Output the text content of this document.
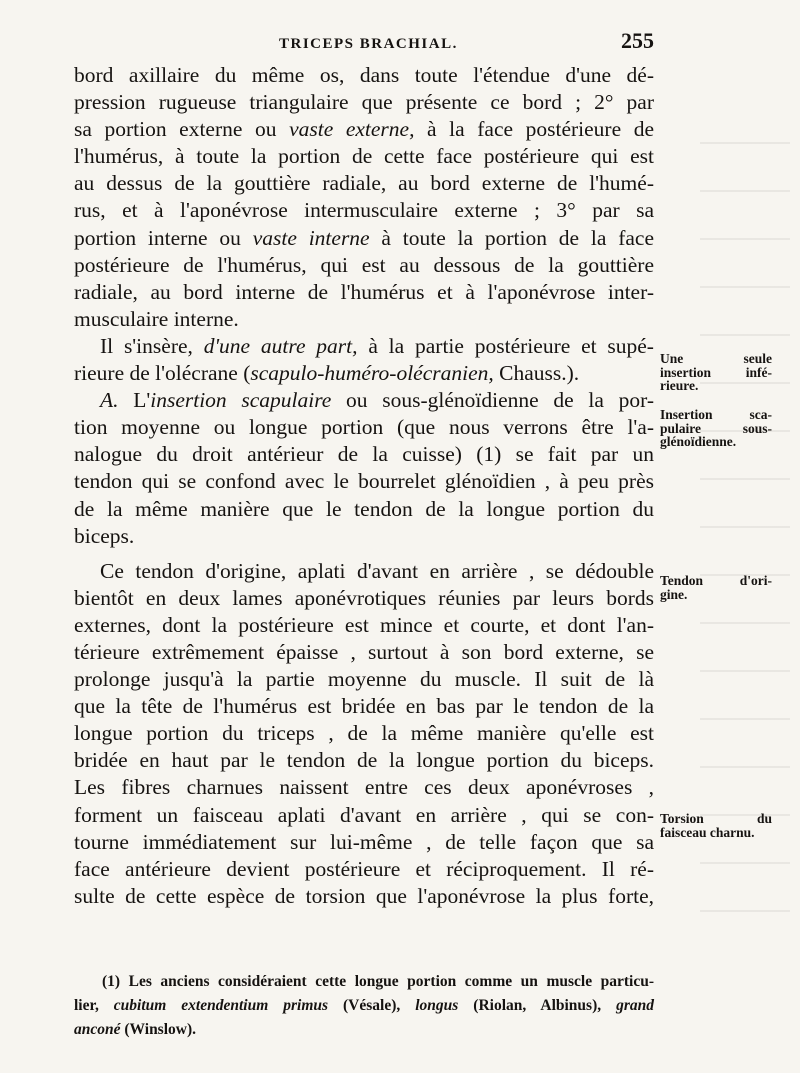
TRICEPS BRACHIAL.	255
bord axillaire du même os, dans toute l'étendue d'une dé-
pression rugueuse triangulaire que présente ce bord ; 2° par
sa portion externe ou vaste externe, à la face postérieure de
l'humérus, à toute la portion de cette face postérieure qui est
au dessus de la gouttière radiale, au bord externe de l'humé-
rus, et à l'aponévrose intermusculaire externe ; 3° par sa
portion interne ou vaste interne à toute la portion de la face
postérieure de l'humérus, qui est au dessous de la gouttière
radiale, au bord interne de l'humérus et à l'aponévrose inter-
musculaire interne.
Il s'insère, d'une autre part, à la partie postérieure et supé-
rieure de l'olécrane (scapulo-huméro-olécranien, Chauss.).
A. L'insertion scapulaire ou sous-glénoïdienne de la por-
tion moyenne ou longue portion (que nous verrons être l'a-
nalogue du droit antérieur de la cuisse) (1) se fait par un
tendon qui se confond avec le bourrelet glénoïdien , à peu près
de la même manière que le tendon de la longue portion du
biceps.
Ce tendon d'origine, aplati d'avant en arrière , se dédouble
bientôt en deux lames aponévrotiques réunies par leurs bords
externes, dont la postérieure est mince et courte, et dont l'an-
térieure extrêmement épaisse , surtout à son bord externe, se
prolonge jusqu'à la partie moyenne du muscle. Il suit de là
que la tête de l'humérus est bridée en bas par le tendon de la
longue portion du triceps , de la même manière qu'elle est
bridée en haut par le tendon de la longue portion du biceps.
Les fibres charnues naissent entre ces deux aponévroses ,
forment un faisceau aplati d'avant en arrière , qui se con-
tourne immédiatement sur lui-même , de telle façon que sa
face antérieure devient postérieure et réciproquement. Il ré-
sulte de cette espèce de torsion que l'aponévrose la plus forte,
Une seule
insertion infé-
rieure.
Insertion sca-
pulaire sous-
glénoïdienne.
Tendon d'ori-
gine.
Torsion du
faisceau charnu.
(1) Les anciens considéraient cette longue portion comme un muscle particu-
lier, cubitum extendentium primus (Vésale), longus (Riolan, Albinus), grand
anconé (Winslow).
